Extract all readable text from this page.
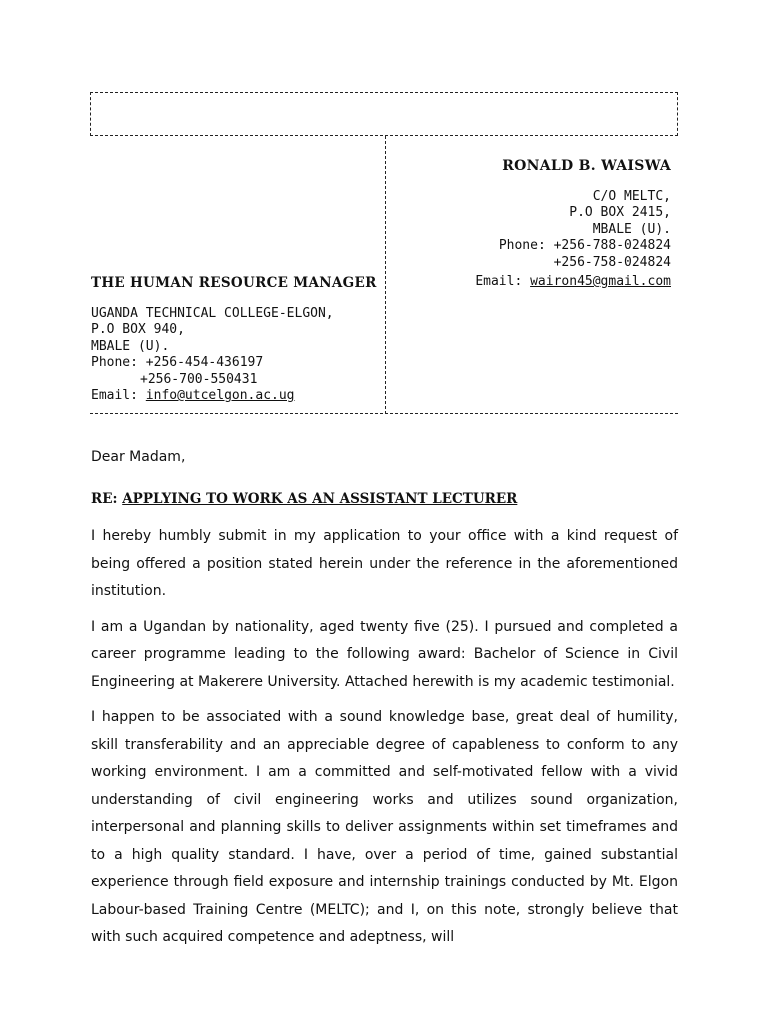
RONALD B. WAISWA
C/O MELTC,
P.O BOX 2415,
MBALE (U).
Phone: +256-788-024824
+256-758-024824
Email: wairon45@gmail.com
THE HUMAN RESOURCE MANAGER
UGANDA TECHNICAL COLLEGE-ELGON,
P.O BOX 940,
MBALE (U).
Phone: +256-454-436197
+256-700-550431
Email: info@utcelgon.ac.ug

Dear Madam,

RE: APPLYING TO WORK AS AN ASSISTANT LECTURER

I hereby humbly submit in my application to your office with a kind request of being offered a position stated herein under the reference in the aforementioned institution.

I am a Ugandan by nationality, aged twenty five (25). I pursued and completed a career programme leading to the following award: Bachelor of Science in Civil Engineering at Makerere University. Attached herewith is my academic testimonial.

I happen to be associated with a sound knowledge base, great deal of humility, skill transferability and an appreciable degree of capableness to conform to any working environment. I am a committed and self-motivated fellow with a vivid understanding of civil engineering works and utilizes sound organization, interpersonal and planning skills to deliver assignments within set timeframes and to a high quality standard. I have, over a period of time, gained substantial experience through field exposure and internship trainings conducted by Mt. Elgon Labour-based Training Centre (MELTC); and I, on this note, strongly believe that with such acquired competence and adeptness, will
